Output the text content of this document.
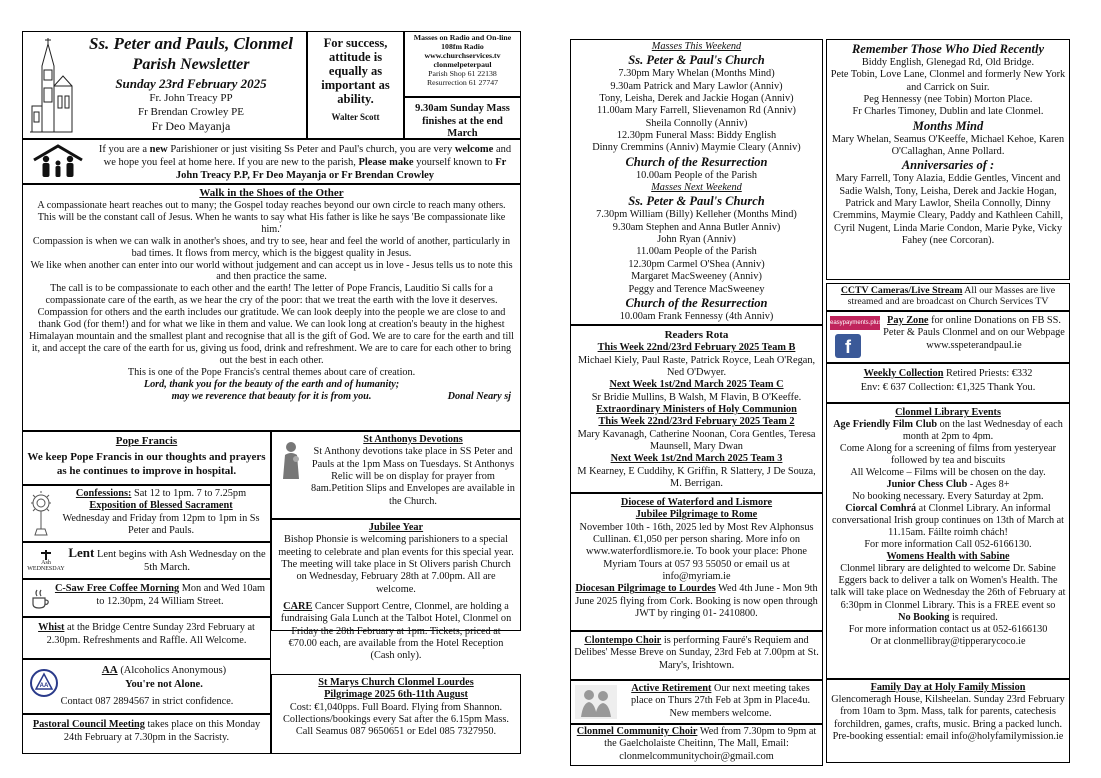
Ss. Peter and Pauls, Clonmel
Parish Newsletter
Sunday 23rd February 2025
Fr. John Treacy PP
Fr Brendan Crowley PE
Fr Deo Mayanja
For success, attitude is equally as important as ability.
Walter Scott
Masses on Radio and On-line 108fm Radio
www.churchservices.tv
clonmelpeterpaul
Parish Shop 61 22138
Resurrection 61 27747
9.30am Sunday Mass finishes at the end March
If you are a new Parishioner or just visiting Ss Peter and Paul's church, you are very welcome and we hope you feel at home here. If you are new to the parish, Please make yourself known to Fr John Treacy P.P, Fr Deo Mayanja or Fr Brendan Crowley
Walk in the Shoes of the Other
A compassionate heart reaches out to many; the Gospel today reaches beyond our own circle to reach many others. This will be the constant call of Jesus. When he wants to say what His father is like he says 'Be compassionate like him.'
Compassion is when we can walk in another's shoes, and try to see, hear and feel the world of another, particularly in bad times. It flows from mercy, which is the biggest quality in Jesus.
We like when another can enter into our world without judgement and can accept us in love - Jesus tells us to note this and then practice the same.
The call is to be compassionate to each other and the earth! The letter of Pope Francis, Lauditio Si calls for a compassionate care of the earth, as we hear the cry of the poor: that we treat the earth with the love it deserves.
Compassion for others and the earth includes our gratitude. We can look deeply into the people we are close to and thank God (for them!) and for what we like in them and value. We can look long at creation's beauty in the highest Himalayan mountain and the smallest plant and recognise that all is the gift of God. We are to care for the earth and till it, and accept the care of the earth for us, giving us food, drink and refreshment. We are to care for each other to bring out the best in each other.
This is one of the Pope Francis's central themes about care of creation.
Lord, thank you for the beauty of the earth and of humanity;
may we reverence that beauty for it is from you.	Donal Neary sj
Pope Francis
We keep Pope Francis in our thoughts and prayers as he continues to improve in hospital.
Confessions: Sat 12 to 1pm. 7 to 7.25pm
Exposition of Blessed Sacrament
Wednesday and Friday from 12pm to 1pm in Ss Peter and Pauls.
Ash WEDNESDAY
Lent Lent begins with Ash Wednesday on the 5th March.
C-Saw Free Coffee Morning Mon and Wed 10am to 12.30pm, 24 William Street.
Whist at the Bridge Centre Sunday 23rd February at 2.30pm. Refreshments and Raffle. All Welcome.
AA
AA (Alcoholics Anonymous)
You're not Alone.
Contact 087 2894567 in strict confidence.
Pastoral Council Meeting takes place on this Monday 24th February at 7.30pm in the Sacristy.
St Anthonys Devotions
St Anthony devotions take place in SS Peter and Pauls at the 1pm Mass on Tuesdays. St Anthonys Relic will be on display for prayer from 8am.Petition Slips and Envelopes are available in the Church.
Jubilee Year
Bishop Phonsie is welcoming parishioners to a special meeting to celebrate and plan events for this special year. The meeting will take place in St Olivers parish Church on Wednesday, February 28th at 7.00pm. All are welcome.
CARE Cancer Support Centre, Clonmel, are holding a fundraising Gala Lunch at the Talbot Hotel, Clonmel on Friday the 28th February at 1pm. Tickets, priced at €70.00 each, are available from the Hotel Reception (Cash only).
St Marys Church Clonmel Lourdes
Pilgrimage 2025 6th-11th August
Cost: €1,040pps. Full Board. Flying from Shannon. Collections/bookings every Sat after the 6.15pm Mass. Call Seamus 087 9650651 or Edel 085 7327950.
Masses This Weekend
Ss. Peter & Paul's Church
7.30pm Mary Whelan (Months Mind)
9.30am Patrick and Mary Lawlor (Anniv)
Tony, Leisha, Derek and Jackie Hogan (Anniv)
11.00am Mary Farrell, Slievenamon Rd (Anniv)
Sheila Connolly (Anniv)
12.30pm Funeral Mass: Biddy English
Dinny Cremmins (Anniv) Maymie Cleary (Anniv)
Church of the Resurrection
10.00am People of the Parish
Masses Next Weekend
Ss. Peter & Paul's Church
7.30pm William (Billy) Kelleher (Months Mind)
9.30am Stephen and Anna Butler Anniv)
John Ryan (Anniv)
11.00am People of the Parish
12.30pm Carmel O'Shea (Anniv)
Margaret MacSweeney (Anniv)
Peggy and Terence MacSweeney
Church of the Resurrection
10.00am Frank Fennessy (4th Anniv)
Readers Rota
This Week 22nd/23rd February 2025 Team B
Michael Kiely, Paul Raste, Patrick Royce, Leah O'Regan, Ned O'Dwyer.
Next Week 1st/2nd March 2025 Team C
Sr Bridie Mullins, B Walsh, M Flavin, B O'Keeffe.
Extraordinary Ministers of Holy Communion
This Week 22nd/23rd February 2025 Team 2
Mary Kavanagh, Catherine Noonan, Cora Gentles, Teresa Maunsell, Mary Dwan
Next Week 1st/2nd March 2025 Team 3
M Kearney, E Cuddihy, K Griffin, R Slattery, J De Souza, M. Berrigan.
Diocese of Waterford and Lismore
Jubilee Pilgrimage to Rome
November 10th - 16th, 2025 led by Most Rev Alphonsus Cullinan. €1,050 per person sharing. More info on www.waterfordlismore.ie. To book your place: Phone Myriam Tours at 057 93 55050 or email us at info@myriam.ie
Diocesan Pilgrimage to Lourdes Wed 4th June - Mon 9th June 2025 flying from Cork. Booking is now open through JWT by ringing 01- 2410800.
Clontempo Choir is performing Fauré's Requiem and Delibes' Messe Breve on Sunday, 23rd Feb at 7.00pm at St. Mary's, Irishtown.
Active Retirement Our next meeting takes place on Thurs 27th Feb at 3pm in Place4u. New members welcome.
Clonmel Community Choir Wed from 7.30pm to 9pm at the Gaelcholaiste Cheitinn, The Mall, Email: clonmelcommunitychoir@gmail.com
Remember Those Who Died Recently
Biddy English, Glenegad Rd, Old Bridge.
Pete Tobin, Love Lane, Clonmel and formerly New York and Carrick on Suir.
Peg Hennessy (nee Tobin) Morton Place.
Fr Charles Timoney, Dublin and late Clonmel.
Months Mind
Mary Whelan, Seamus O'Keeffe, Michael Kehoe, Karen O'Callaghan, Anne Pollard.
Anniversaries of :
Mary Farrell, Tony Alazia, Eddie Gentles, Vincent and Sadie Walsh, Tony, Leisha, Derek and Jackie Hogan, Patrick and Mary Lawlor, Sheila Connolly, Dinny Cremmins, Maymie Cleary, Paddy and Kathleen Cahill, Cyril Nugent, Linda Marie Condon, Marie Pyke, Vicky Fahey (nee Corcoran).
CCTV Cameras/Live Stream All our Masses are live streamed and are broadcast on Church Services TV
easypayments.plus
f
Pay Zone for online Donations on FB SS. Peter & Pauls Clonmel and on our Webpage www.sspeterandpaul.ie
Weekly Collection Retired Priests: €332
Env: € 637 Collection: €1,325 Thank You.
Clonmel Library Events
Age Friendly Film Club on the last Wednesday of each month at 2pm to 4pm.
Come Along for a screening of films from yesteryear followed by tea and biscuits
All Welcome – Films will be chosen on the day.
Junior Chess Club - Ages 8+
No booking necessary. Every Saturday at 2pm.
Ciorcal Comhrá at Clonmel Library. An informal conversational Irish group continues on 13th of March at 11.15am. Fáilte roimh chách!
For more information Call 052-6166130.
Womens Health with Sabine
Clonmel library are delighted to welcome Dr. Sabine Eggers back to deliver a talk on Women's Health. The talk will take place on Wednesday the 26th of February at 6:30pm in Clonmel Library. This is a FREE event so
No Booking is required.
For more information contact us at 052-6166130
Or at clonmellibray@tipperarycoco.ie
Family Day at Holy Family Mission
Glencomeragh House, Kilsheelan. Sunday 23rd February from 10am to 3pm. Mass, talk for parents, catechesis forchildren, games, crafts, music. Bring a packed lunch. Pre-booking essential: email info@holyfamilymission.ie
